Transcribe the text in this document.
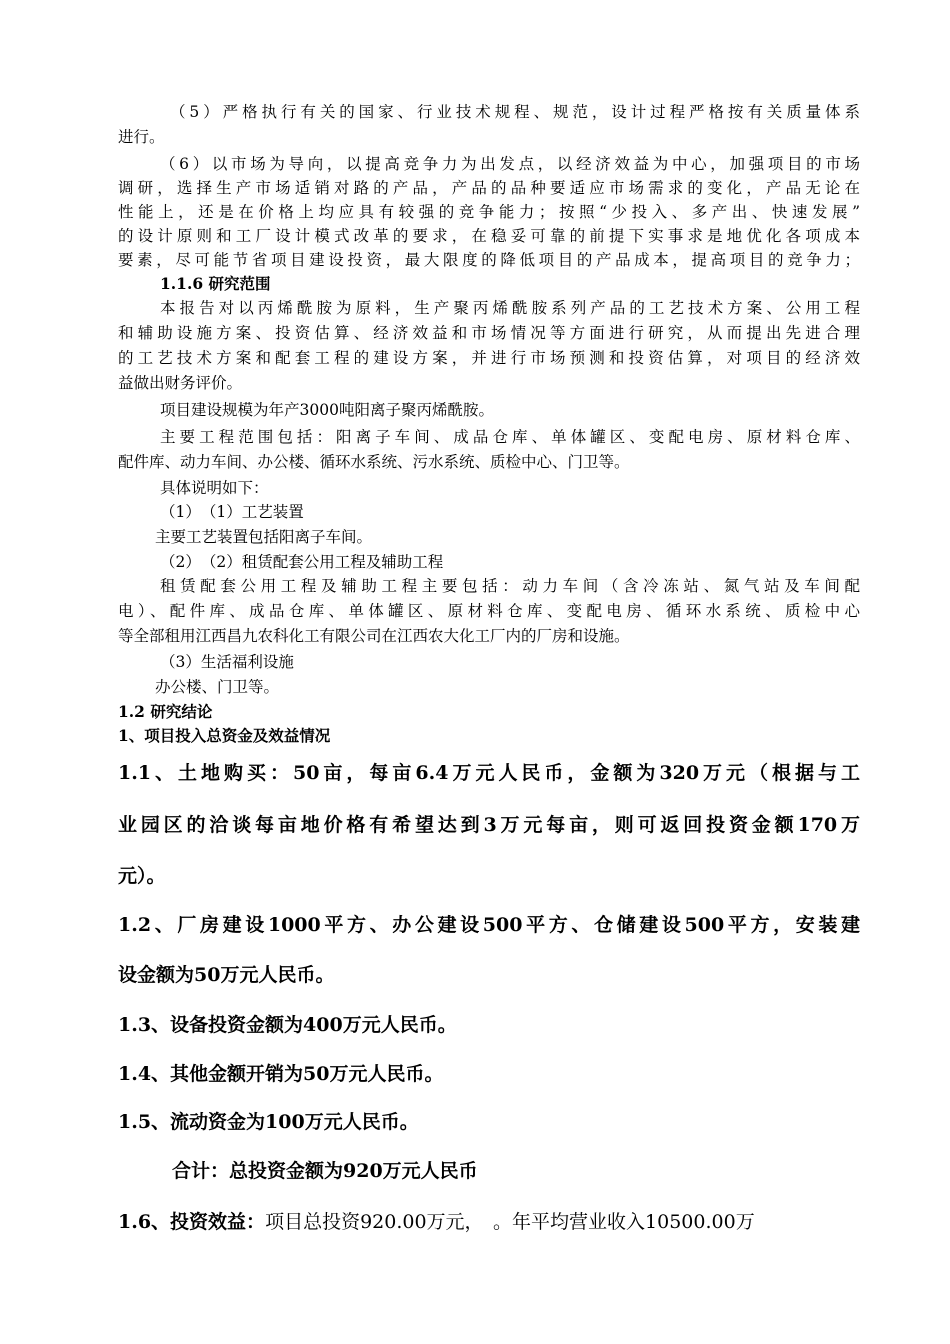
（5）严格执行有关的国家、行业技术规程、规范，设计过程严格按有关质量体系
进行。
（6）以市场为导向，以提高竞争力为出发点，以经济效益为中心，加强项目的市场
调研，选择生产市场适销对路的产品，产品的品种要适应市场需求的变化，产品无论在
性能上，还是在价格上均应具有较强的竞争能力；按照“少投入、多产出、快速发展”
的设计原则和工厂设计模式改革的要求，在稳妥可靠的前提下实事求是地优化各项成本
要素，尽可能节省项目建设投资，最大限度的降低项目的产品成本，提高项目的竞争力；
1.1.6 研究范围
本报告对以丙烯酰胺为原料，生产聚丙烯酰胺系列产品的工艺技术方案、公用工程
和辅助设施方案、投资估算、经济效益和市场情况等方面进行研究，从而提出先进合理
的工艺技术方案和配套工程的建设方案，并进行市场预测和投资估算，对项目的经济效
益做出财务评价。
项目建设规模为年产3000吨阳离子聚丙烯酰胺。
主要工程范围包括：阳离子车间、成品仓库、单体罐区、变配电房、原材料仓库、
配件库、动力车间、办公楼、循环水系统、污水系统、质检中心、门卫等。
具体说明如下：
（1）　（1）工艺装置
主要工艺装置包括阳离子车间。
（2）　（2）租赁配套公用工程及辅助工程
租赁配套公用工程及辅助工程主要包括：动力车间（含冷冻站、氮气站及车间配
电）、配件库、成品仓库、单体罐区、原材料仓库、变配电房、循环水系统、质检中心
等全部租用江西昌九农科化工有限公司在江西农大化工厂内的厂房和设施。
（3）生活福利设施
办公楼、门卫等。
1.2 研究结论
1、项目投入总资金及效益情况
1.1、土地购买：50亩，每亩6.4万元人民币，金额为320万元（根据与工
业园区的洽谈每亩地价格有希望达到3万元每亩，则可返回投资金额170万
元）。
1.2、厂房建设1000平方、办公建设500平方、仓储建设500平方，安装建
设金额为50万元人民币。
1.3、设备投资金额为400万元人民币。
1.4、其他金额开销为50万元人民币。
1.5、流动资金为100万元人民币。
合计：总投资金额为920万元人民币
1.6、投资效益：项目总投资920.00万元，　。年平均营业收入10500.00万
